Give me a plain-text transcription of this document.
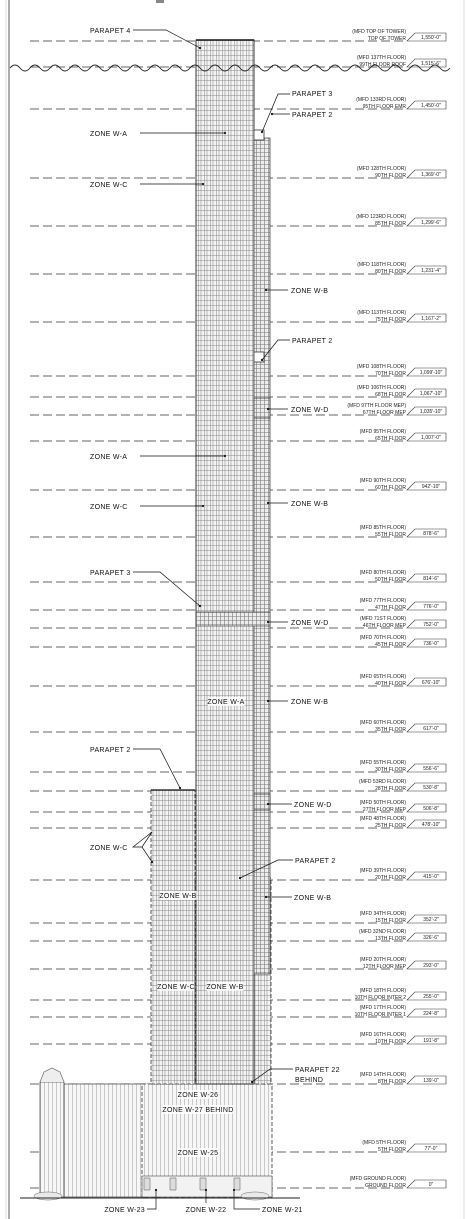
(MFD TOP OF TOWER)
TOP OF TOWER	1,550'-0"
(MFD 137TH FLOOR)
99TH FLOOR ROOF	1,515'-6"
(MFD 133RD FLOOR)
95TH FLOOR EMR	1,450'-0"
(MFD 128TH FLOOR)
90TH FLOOR	1,369'-0"
(MFD 123RD FLOOR)
85TH FLOOR	1,299'-6"
(MFD 118TH FLOOR)
80TH FLOOR	1,231'-4"
(MFD 113TH FLOOR)
75TH FLOOR	1,167'-2"
(MFD 108TH FLOOR)
70TH FLOOR	1,099'-10"
(MFD 106TH FLOOR)
68TH FLOOR	1,067'-10"
(MFD 97TH FLOOR MEP)
67TH FLOOR MEP	1,035'-10"
(MFD 95TH FLOOR)
65TH FLOOR	1,007'-0"
(MFD 90TH FLOOR)
60TH FLOOR	942'-10"
(MFD 85TH FLOOR)
55TH FLOOR	878'-6"
(MFD 80TH FLOOR)
50TH FLOOR	814'-6"
(MFD 77TH FLOOR)
47TH FLOOR	776'-0"
(MFD 71ST FLOOR)
46TH FLOOR MEP	752'-0"
(MFD 70TH FLOOR)
45TH FLOOR	736'-0"
(MFD 65TH FLOOR)
40TH FLOOR	676'-10"
(MFD 60TH FLOOR)
35TH FLOOR	617'-0"
(MFD 55TH FLOOR)
30TH FLOOR	556'-6"
(MFD 53RD FLOOR)
28TH FLOOR	530'-8"
(MFD 50TH FLOOR)
27TH FLOOR MEP	506'-8"
(MFD 48TH FLOOR)
25TH FLOOR	478'-10"
(MFD 39TH FLOOR)
20TH FLOOR	415'-0"
(MFD 34TH FLOOR)
15TH FLOOR	352'-2"
(MFD 32ND FLOOR)
13TH FLOOR	326'-6"
(MFD 20TH FLOOR)
12TH FLOOR MEP	293'-0"
(MFD 18TH FLOOR)
10TH FLOOR INTER 2	255'-0"
(MFD 17TH FLOOR)
10TH FLOOR INTER 1	224'-8"
(MFD 16TH FLOOR)
10TH FLOOR	191'-8"
(MFD 14TH FLOOR)
8TH FLOOR	139'-0"
(MFD 5TH FLOOR)
5TH FLOOR	77'-0"
(MFD GROUND FLOOR)
GROUND FLOOR	0"
PARAPET 4
PARAPET 3
PARAPET 2
ZONE W-A
ZONE W-C
ZONE W-B
PARAPET 2
ZONE W-D
ZONE W-A
ZONE W-B
ZONE W-C
PARAPET 3
ZONE W-D
ZONE W-A	ZONE W-B
PARAPET 2
ZONE W-D
ZONE W-C
PARAPET 2
ZONE W-B	ZONE W-B
ZONE W-C ZONE W-B
PARAPET 22
BEHIND
ZONE W-26
ZONE W-27 BEHIND
ZONE W-25
ZONE W-23	ZONE W-22	ZONE W-21
